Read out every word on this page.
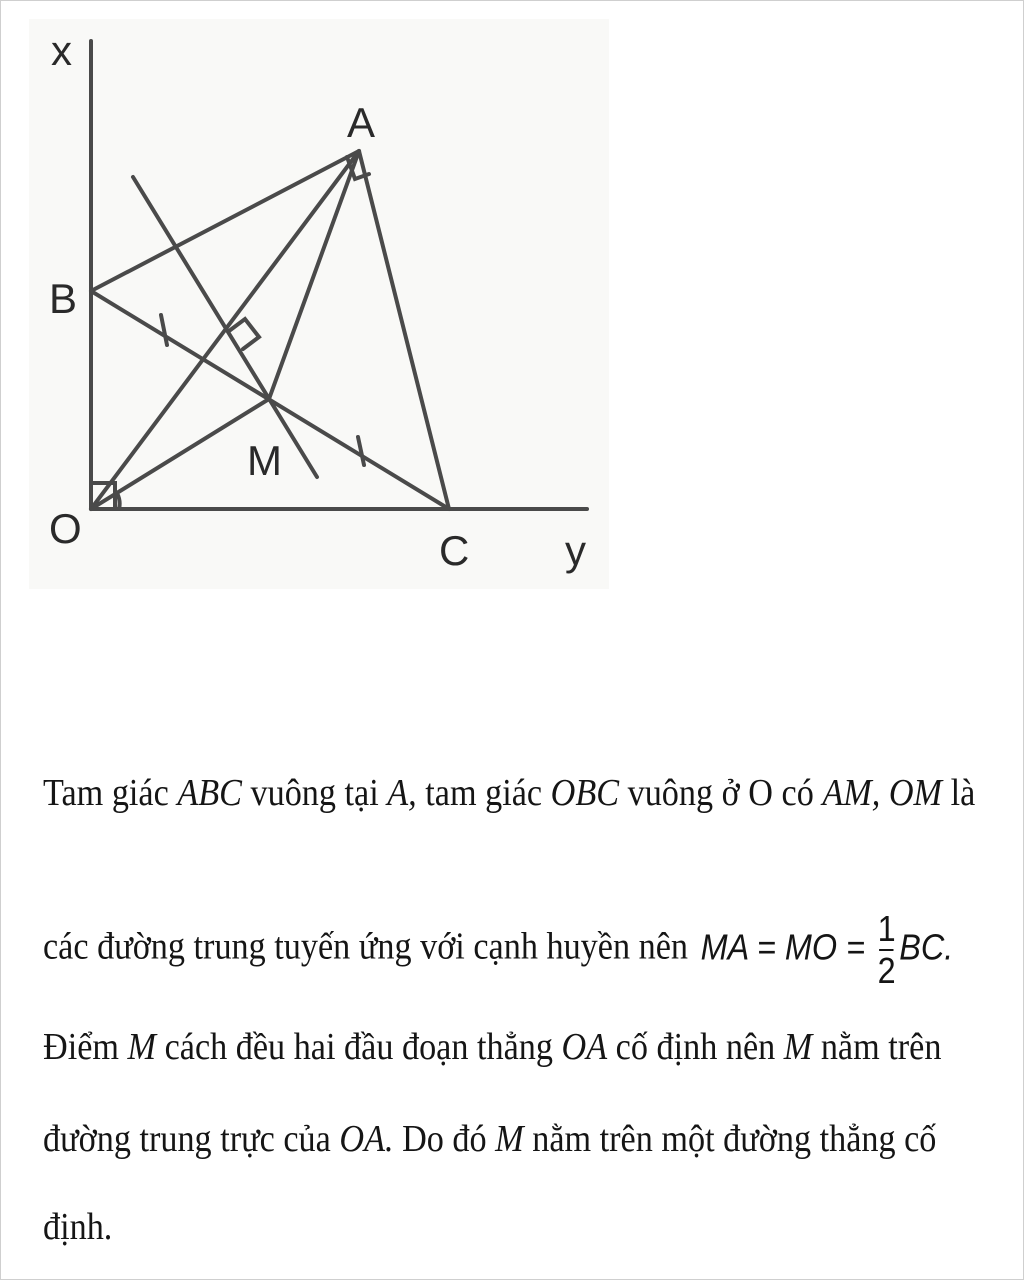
x
A
B
M
O	C y
Tam giác ABC vuông tại A, tam giác OBC vuông ở O có AM, OM là
các đường trung tuyến ứng với cạnh huyền nên MA = MO = $\frac{1}{2}$ BC.
Điểm M cách đều hai đầu đoạn thẳng OA cố định nên M nằm trên
đường trung trực của OA. Do đó M nằm trên một đường thẳng cố
định.
